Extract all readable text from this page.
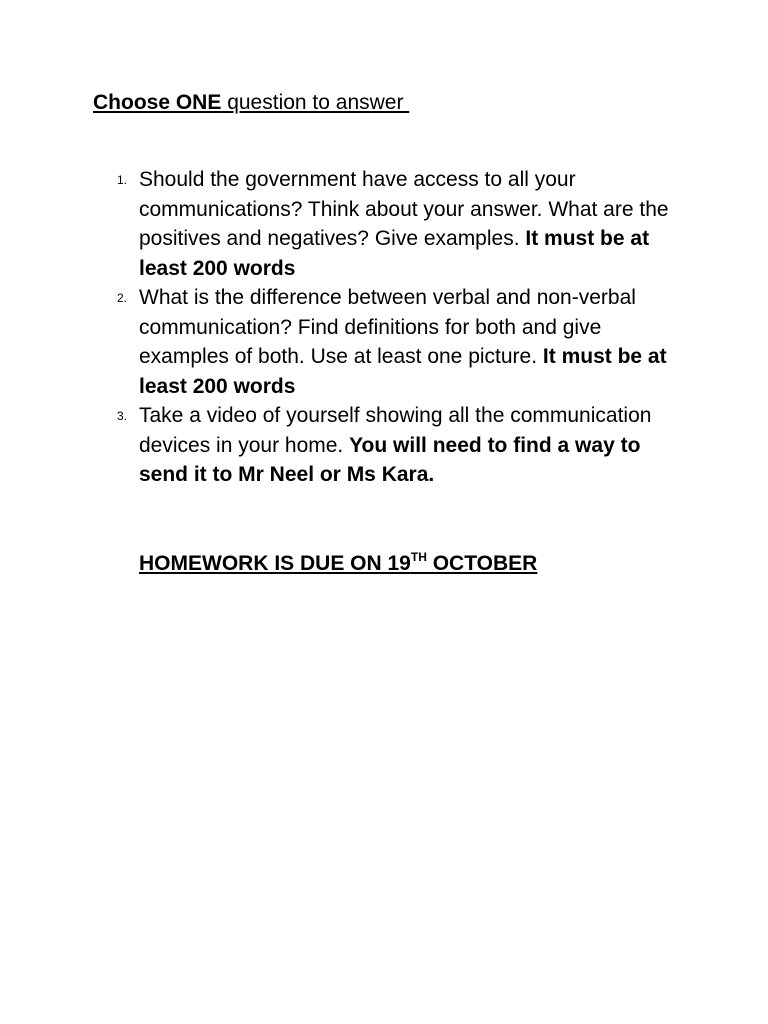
Choose ONE question to answer
1. Should the government have access to all your communications? Think about your answer. What are the positives and negatives? Give examples. It must be at least 200 words
2. What is the difference between verbal and non-verbal communication? Find definitions for both and give examples of both. Use at least one picture. It must be at least 200 words
3. Take a video of yourself showing all the communication devices in your home. You will need to find a way to send it to Mr Neel or Ms Kara.
HOMEWORK IS DUE ON 19TH OCTOBER
